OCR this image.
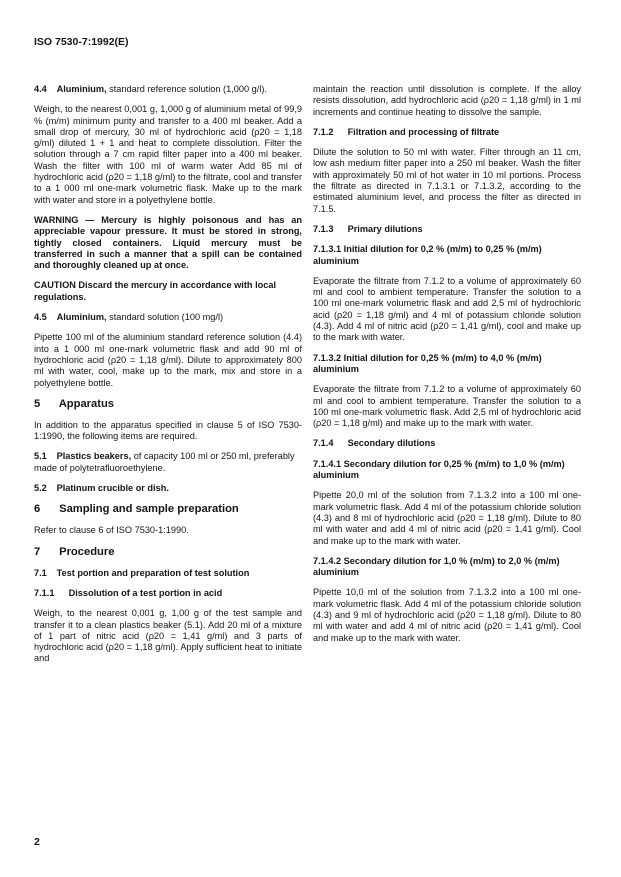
ISO 7530-7:1992(E)

4.4 Aluminium, standard reference solution (1,000 g/l).

Weigh, to the nearest 0,001 g, 1,000 g of aluminium metal of 99,9 % (m/m) minimum purity and transfer to a 400 ml beaker. Add a small drop of mercury, 30 ml of hydrochloric acid (ρ20 = 1,18 g/ml) diluted 1 + 1 and heat to complete dissolution. Filter the solution through a 7 cm rapid filter paper into a 400 ml beaker. Wash the filter with 100 ml of warm water Add 85 ml of hydrochloric acid (ρ20 = 1,18 g/ml) to the filtrate, cool and transfer to a 1 000 ml one-mark volumetric flask. Make up to the mark with water and store in a polyethylene bottle.

WARNING — Mercury is highly poisonous and has an appreciable vapour pressure. It must be stored in strong, tightly closed containers. Liquid mercury must be transferred in such a manner that a spill can be contained and thoroughly cleaned up at once.

CAUTION Discard the mercury in accordance with local regulations.

4.5 Aluminium, standard solution (100 mg/l)

Pipette 100 ml of the aluminium standard reference solution (4.4) into a 1 000 ml one-mark volumetric flask and add 90 ml of hydrochloric acid (ρ20 = 1,18 g/ml). Dilute to approximately 800 ml with water, cool, make up to the mark, mix and store in a polyethylene bottle.

5 Apparatus

In addition to the apparatus specified in clause 5 of ISO 7530-1:1990, the following items are required.

5.1 Plastics beakers, of capacity 100 ml or 250 ml, preferably made of polytetrafluoroethylene.

5.2 Platinum crucible or dish.

6 Sampling and sample preparation

Refer to clause 6 of ISO 7530-1:1990.

7 Procedure
7.1 Test portion and preparation of test solution
7.1.1 Dissolution of a test portion in acid

Weigh, to the nearest 0,001 g, 1,00 g of the test sample and transfer it to a clean plastics beaker (5.1). Add 20 ml of a mixture of 1 part of nitric acid (ρ20 = 1,41 g/ml) and 3 parts of hydrochloric acid (ρ20 = 1,18 g/ml). Apply sufficient heat to initiate and

maintain the reaction until dissolution is complete. If the alloy resists dissolution, add hydrochloric acid (ρ20 = 1,18 g/ml) in 1 ml increments and continue heating to dissolve the sample.

7.1.2 Filtration and processing of filtrate

Dilute the solution to 50 ml with water. Filter through an 11 cm, low ash medium filter paper into a 250 ml beaker. Wash the filter with approximately 50 ml of hot water in 10 ml portions. Process the filtrate as directed in 7.1.3.1 or 7.1.3.2, according to the estimated aluminium level, and process the filter as directed in 7.1.5.

7.1.3 Primary dilutions
7.1.3.1 Initial dilution for 0,2 % (m/m) to 0,25 % (m/m) aluminium

Evaporate the filtrate from 7.1.2 to a volume of approximately 60 ml and cool to ambient temperature. Transfer the solution to a 100 ml one-mark volumetric flask and add 2,5 ml of hydrochloric acid (ρ20 = 1,18 g/ml) and 4 ml of potassium chloride solution (4.3). Add 4 ml of nitric acid (ρ20 = 1,41 g/ml), cool and make up to the mark with water.

7.1.3.2 Initial dilution for 0,25 % (m/m) to 4,0 % (m/m) aluminium

Evaporate the filtrate from 7.1.2 to a volume of approximately 60 ml and cool to ambient temperature. Transfer the solution to a 100 ml one-mark volumetric flask. Add 2,5 ml of hydrochloric acid (ρ20 = 1,18 g/ml) and make up to the mark with water.

7.1.4 Secondary dilutions
7.1.4.1 Secondary dilution for 0,25 % (m/m) to 1,0 % (m/m) aluminium

Pipette 20,0 ml of the solution from 7.1.3.2 into a 100 ml one-mark volumetric flask. Add 4 ml of the potassium chloride solution (4.3) and 8 ml of hydrochloric acid (ρ20 = 1,18 g/ml). Dilute to 80 ml with water and add 4 ml of nitric acid (ρ20 = 1,41 g/ml). Cool and make up to the mark with water.

7.1.4.2 Secondary dilution for 1,0 % (m/m) to 2,0 % (m/m) aluminium

Pipette 10,0 ml of the solution from 7.1.3.2 into a 100 ml one-mark volumetric flask. Add 4 ml of the potassium chloride solution (4.3) and 9 ml of hydrochloric acid (ρ20 = 1,18 g/ml). Dilute to 80 ml with water and add 4 ml of nitric acid (ρ20 = 1,41 g/ml). Cool and make up to the mark with water.

2
